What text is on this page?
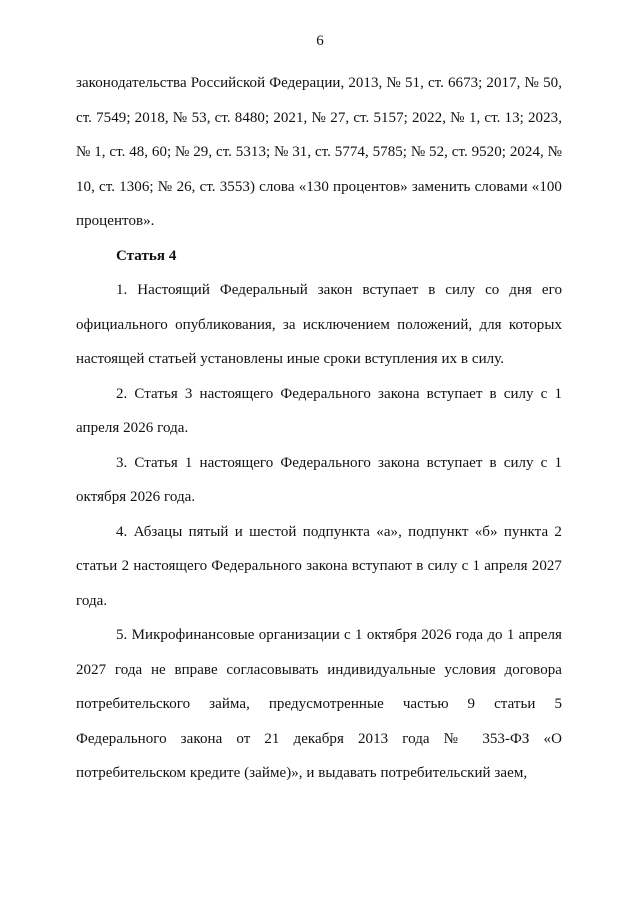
6

законодательства Российской Федерации, 2013, № 51, ст. 6673; 2017, № 50, ст. 7549; 2018, № 53, ст. 8480; 2021, № 27, ст. 5157; 2022, № 1, ст. 13; 2023, № 1, ст. 48, 60; № 29, ст. 5313; № 31, ст. 5774, 5785; № 52, ст. 9520; 2024, № 10, ст. 1306; № 26, ст. 3553) слова «130 процентов» заменить словами «100 процентов».

Статья 4

1. Настоящий Федеральный закон вступает в силу со дня его официального опубликования, за исключением положений, для которых настоящей статьей установлены иные сроки вступления их в силу.

2. Статья 3 настоящего Федерального закона вступает в силу с 1 апреля 2026 года.

3. Статья 1 настоящего Федерального закона вступает в силу с 1 октября 2026 года.

4. Абзацы пятый и шестой подпункта «а», подпункт «б» пункта 2 статьи 2 настоящего Федерального закона вступают в силу с 1 апреля 2027 года.

5. Микрофинансовые организации с 1 октября 2026 года до 1 апреля 2027 года не вправе согласовывать индивидуальные условия договора потребительского займа, предусмотренные частью 9 статьи 5 Федерального закона от 21 декабря 2013 года № 353-ФЗ «О потребительском кредите (займе)», и выдавать потребительский заем,
